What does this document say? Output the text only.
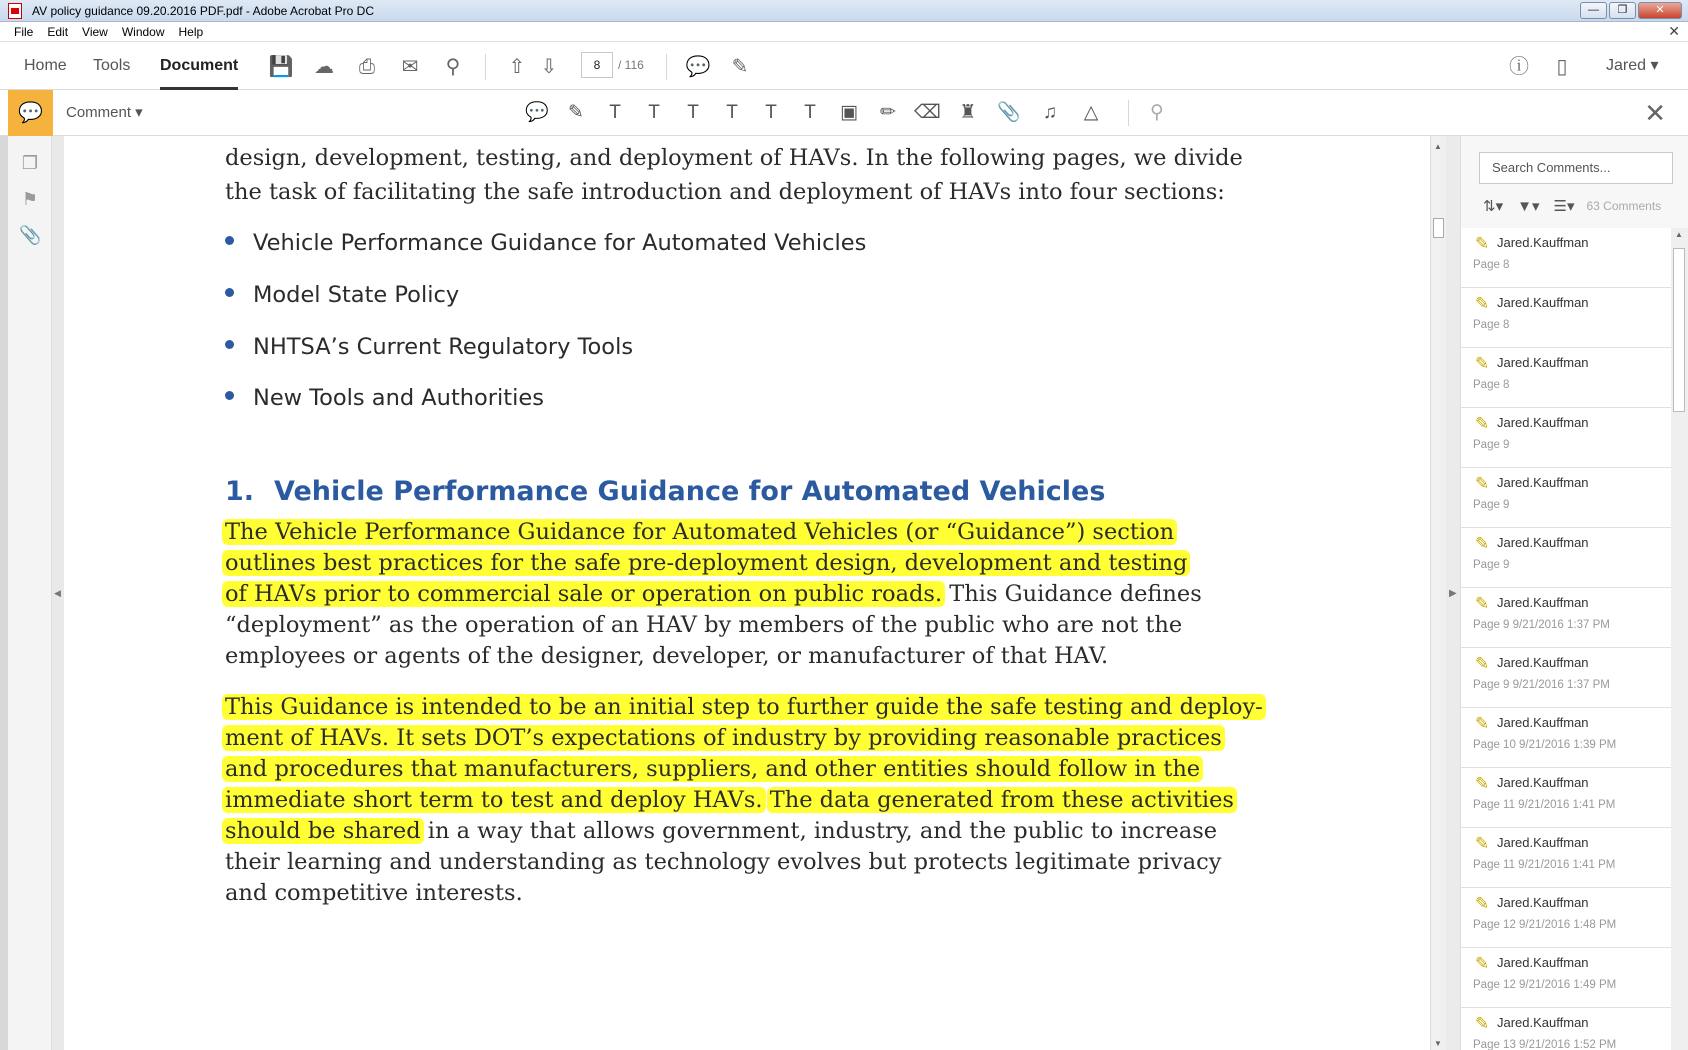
AV policy guidance 09.20.2016 PDF.pdf - Adobe Acrobat Pro DC	—	❐	✕
File Edit View Window Help	✕
Home Tools Document 💾 ☁ ⎙ ✉ ⚲ ⇧ ⇩	8	/ 116 💬 ✎	ⓘ	▯	Jared ▾
💬	Comment ▾	💬 ✎	T	T	T	T	T	T	▣ ✏ ⌫ ♜ 📎	♫	△	⚲	✕
❐
⚑
📎
◀
design, development, testing, and deployment of HAVs. In the following pages, we divide
the task of facilitating the safe introduction and deployment of HAVs into four sections:
Vehicle Performance Guidance for Automated Vehicles
Model State Policy
NHTSA’s Current Regulatory Tools
New Tools and Authorities
1. Vehicle Performance Guidance for Automated Vehicles
The Vehicle Performance Guidance for Automated Vehicles (or “Guidance”) section
outlines best practices for the safe pre-deployment design, development and testing
of HAVs prior to commercial sale or operation on public roads. This Guidance defines
“deployment” as the operation of an HAV by members of the public who are not the
employees or agents of the designer, developer, or manufacturer of that HAV.
This Guidance is intended to be an initial step to further guide the safe testing and deploy-
ment of HAVs. It sets DOT’s expectations of industry by providing reasonable practices
and procedures that manufacturers, suppliers, and other entities should follow in the
immediate short term to test and deploy HAVs. The data generated from these activities
should be shared in a way that allows government, industry, and the public to increase
their learning and understanding as technology evolves but protects legitimate privacy
and competitive interests.
▲
▼
▶
Search Comments...
⇅▾ ▼▾ ☰▾ 63 Comments
✎ Jared.Kauffman
Page 8
✎ Jared.Kauffman
Page 8
✎ Jared.Kauffman
Page 8
✎ Jared.Kauffman
Page 9
✎ Jared.Kauffman
Page 9
✎ Jared.Kauffman
Page 9
✎ Jared.Kauffman
Page 9 9/21/2016 1:37 PM
✎ Jared.Kauffman
Page 9 9/21/2016 1:37 PM
✎ Jared.Kauffman
Page 10 9/21/2016 1:39 PM
✎ Jared.Kauffman
Page 11 9/21/2016 1:41 PM
✎ Jared.Kauffman
Page 11 9/21/2016 1:41 PM
✎ Jared.Kauffman
Page 12 9/21/2016 1:48 PM
✎ Jared.Kauffman
Page 12 9/21/2016 1:49 PM
✎ Jared.Kauffman
Page 13 9/21/2016 1:52 PM
▲
